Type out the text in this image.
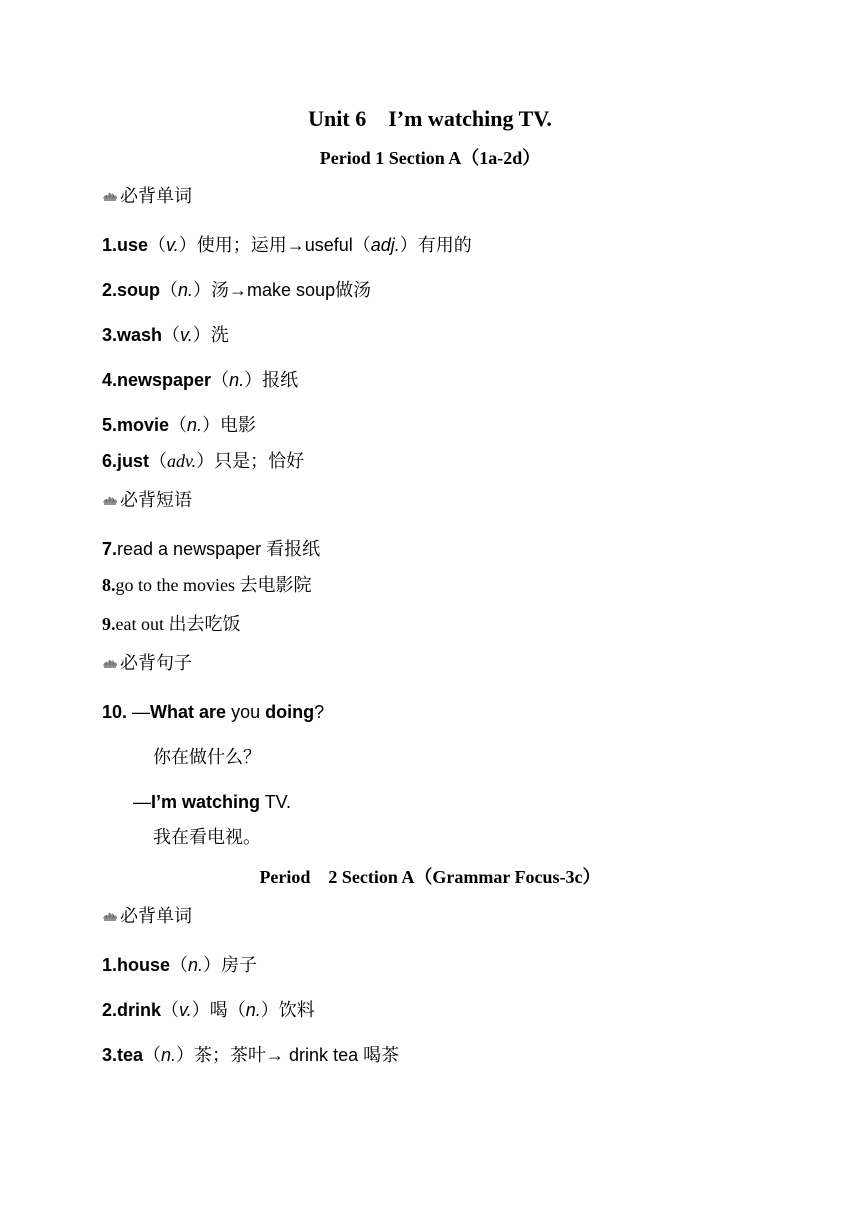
Unit 6　I’m watching TV.
Period 1 Section A（1a-2d）
必背单词
1.use（v.）使用；运用→useful（adj.）有用的
2.soup（n.）汤→make soup做汤
3.wash（v.）洗
4.newspaper（n.）报纸
5.movie（n.）电影
6.just（adv.）只是；恰好
必背短语
7.read a newspaper 看报纸
8.go to the movies 去电影院
9.eat out 出去吃饭
必背句子
10. —What are you doing?
你在做什么？
—I’m watching TV.
我在看电视。
Period　2 Section A（Grammar Focus-3c）
必背单词
1.house（n.）房子
2.drink（v.）喝（n.）饮料
3.tea（n.）茶；茶叶→ drink tea 喝茶
